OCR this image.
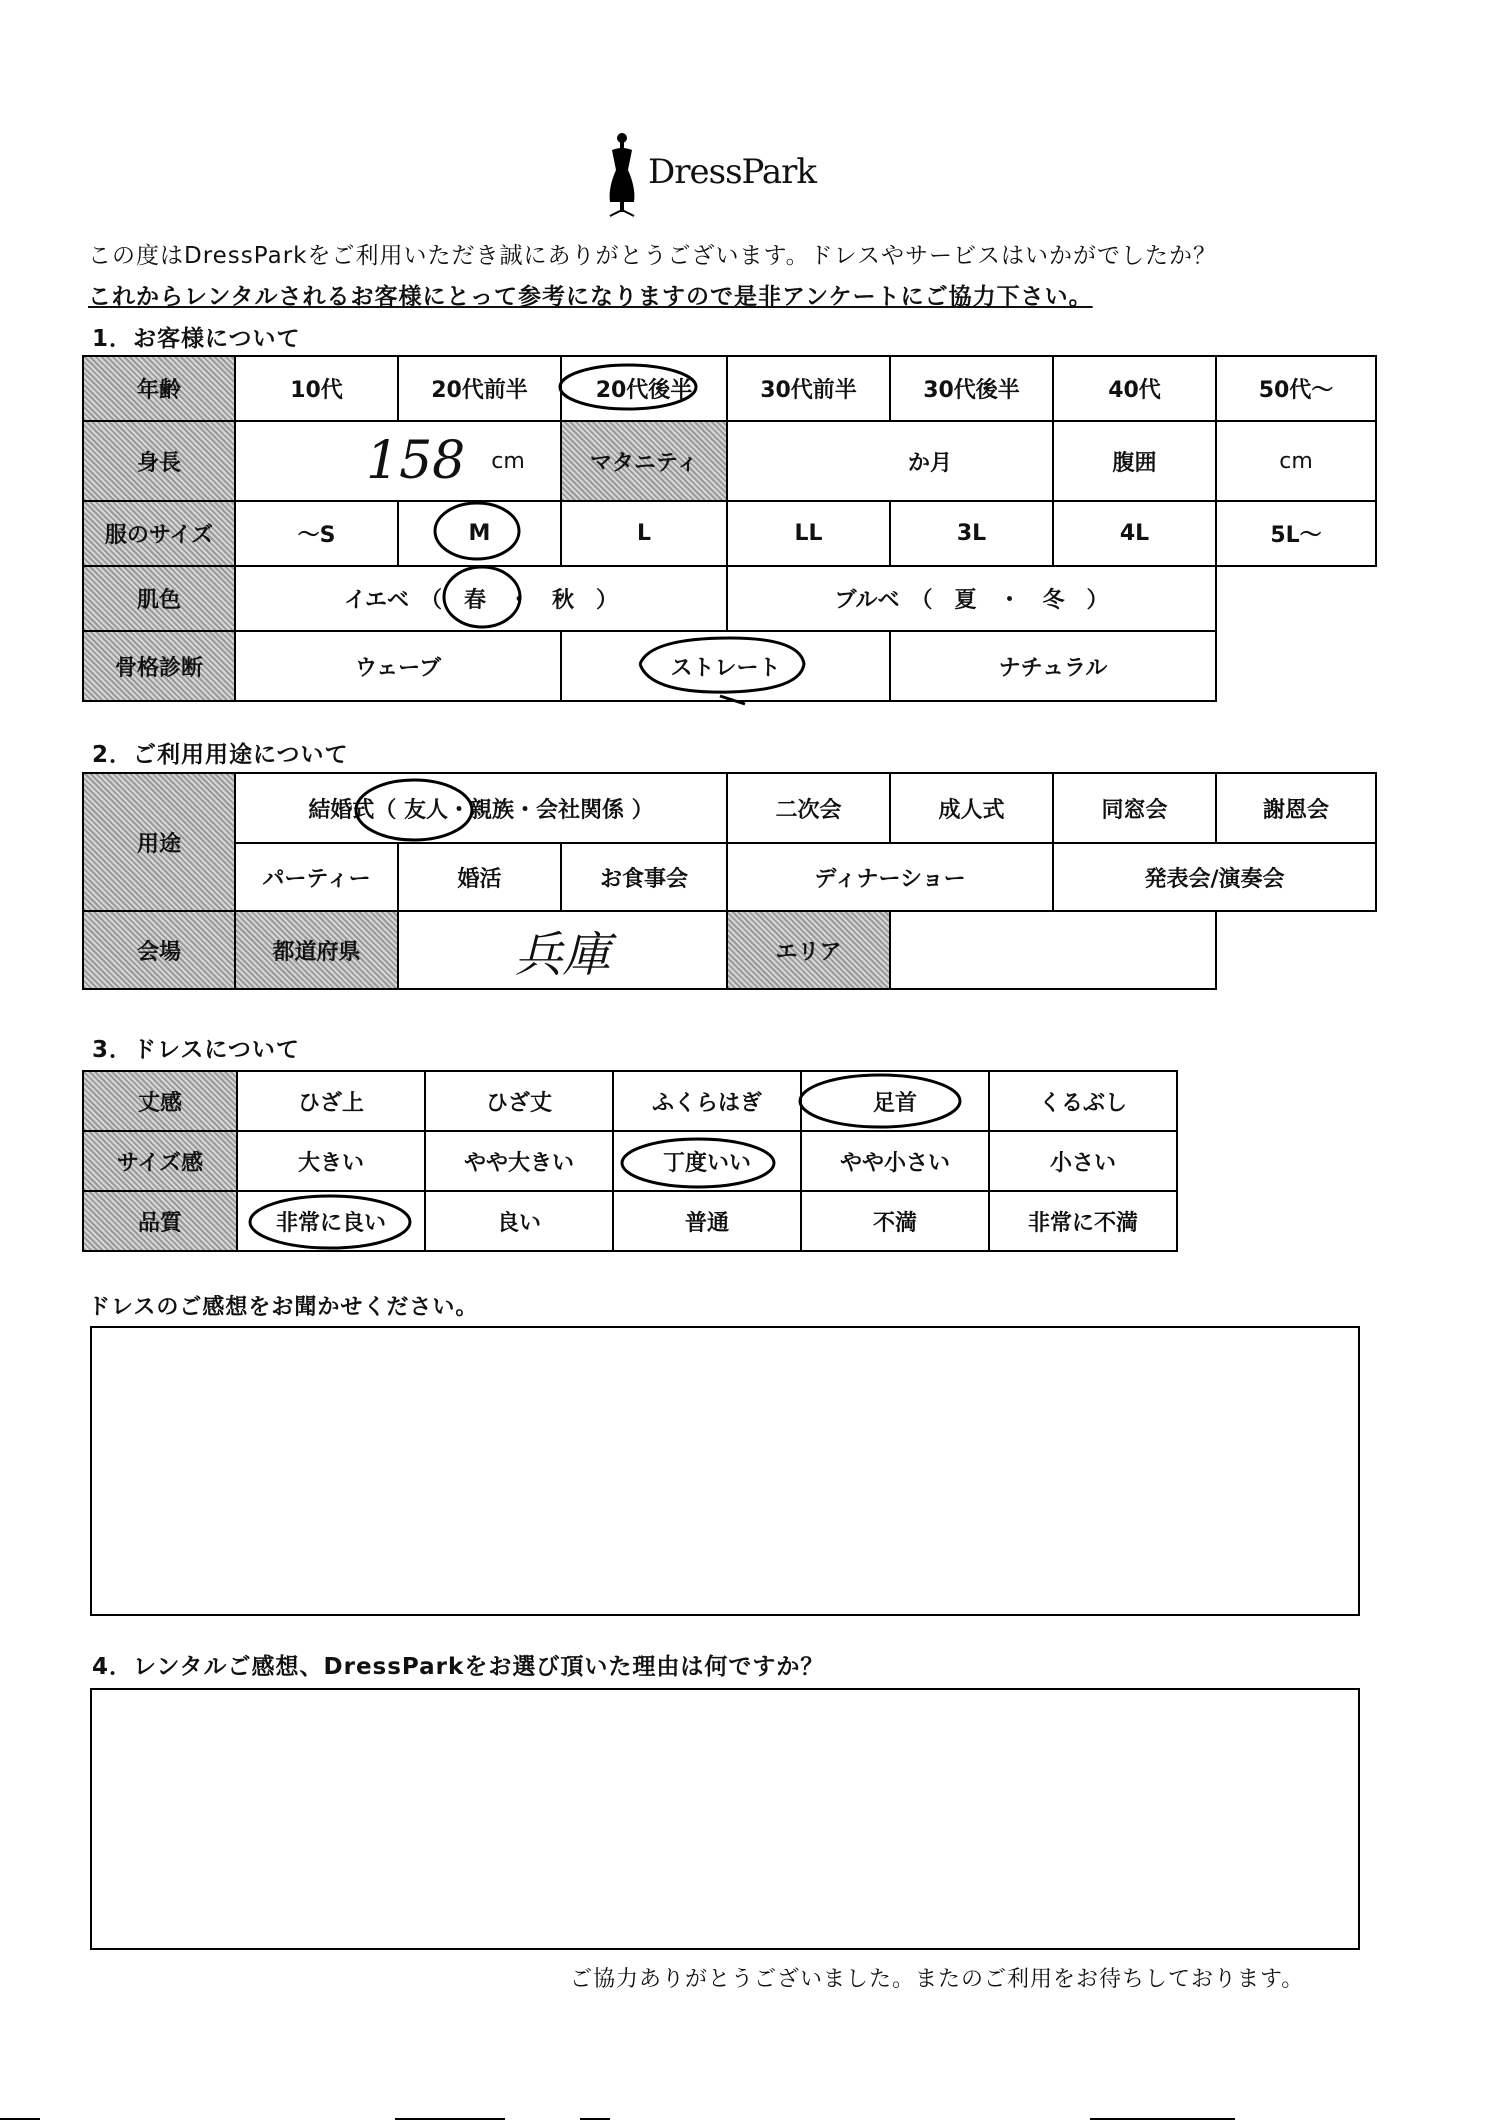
DressPark
この度はDressParkをご利用いただき誠にありがとうございます。ドレスやサービスはいかがでしたか？
これからレンタルされるお客様にとって参考になりますので是非アンケートにご協力下さい。
1．お客様について
年齢	10代	20代前半	20代後半	30代前半	30代後半	40代	50代～
身長	158 cm	マタニティ	か月	腹囲	cm
服のサイズ	～S	M	L	LL	3L	4L	5L～
肌色	イエベ　（　春　・　秋　）	ブルベ　（　夏　・　冬　）
骨格診断	ウェーブ	ストレート	ナチュラル
2．ご利用用途について
用途
結婚式（ 友人・親族・会社関係 ）	二次会	成人式	同窓会	謝恩会
パーティー	婚活	お食事会	ディナーショー	発表会/演奏会
会場	都道府県	兵庫	エリア
3．ドレスについて
丈感	ひざ上	ひざ丈	ふくらはぎ	足首	くるぶし
サイズ感	大きい	やや大きい	丁度いい	やや小さい	小さい
品質	非常に良い	良い	普通	不満	非常に不満
ドレスのご感想をお聞かせください。
4．レンタルご感想、DressParkをお選び頂いた理由は何ですか？
ご協力ありがとうございました。またのご利用をお待ちしております。
